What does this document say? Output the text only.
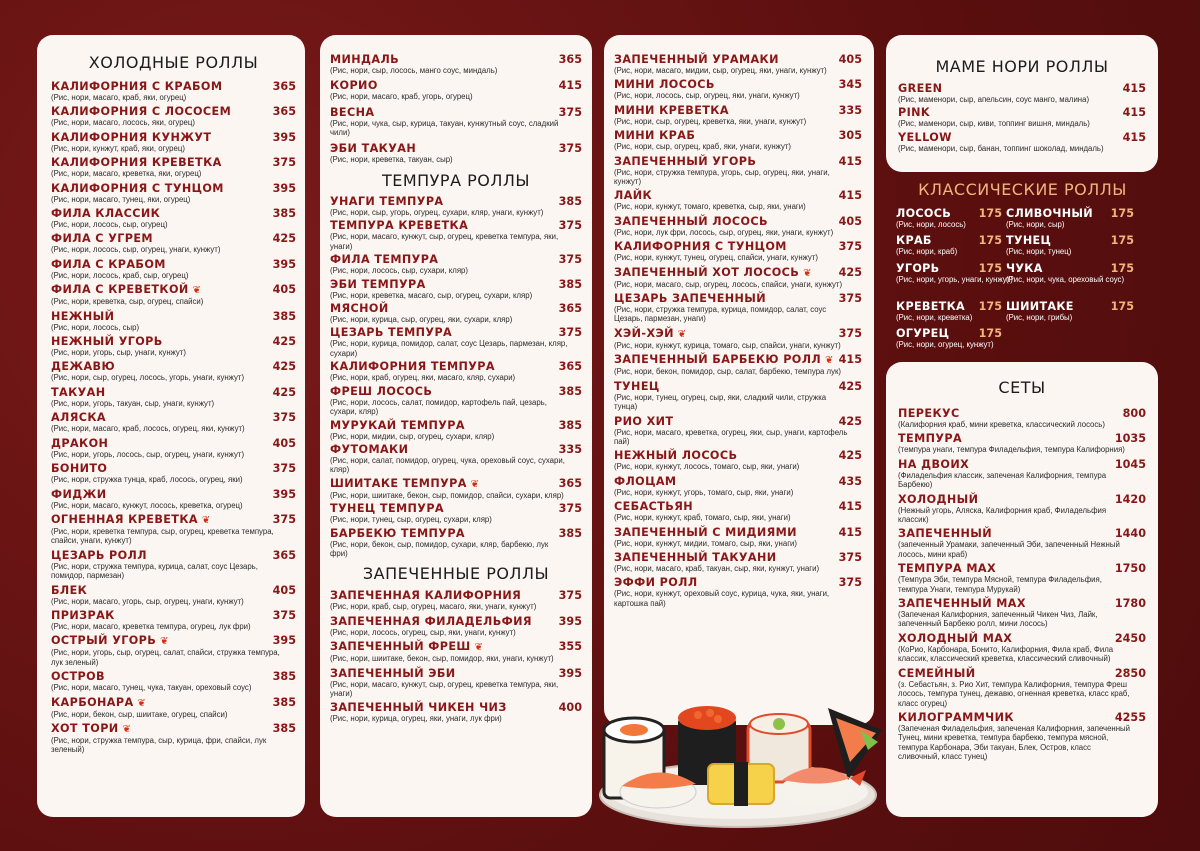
ХОЛОДНЫЕ РОЛЛЫ
КАЛИФОРНИЯ С КРАБОМ	365
(Рис, нори, масаго, краб, яки, огурец)
КАЛИФОРНИЯ С ЛОСОСЕМ	365
(Рис, нори, масаго, лосось, яки, огурец)
КАЛИФОРНИЯ КУНЖУТ	395
(Рис, нори, кунжут, краб, яки, огурец)
КАЛИФОРНИЯ КРЕВЕТКА	375
(Рис, нори, масаго, креветка, яки, огурец)
КАЛИФОРНИЯ С ТУНЦОМ	395
(Рис, нори, масаго, тунец, яки, огурец)
ФИЛА КЛАССИК	385
(Рис, нори, лосось, сыр, огурец)
ФИЛА С УГРЕМ	425
(Рис, нори, лосось, сыр, огурец, унаги, кунжут)
ФИЛА С КРАБОМ	395
(Рис, нори, лосось, краб, сыр, огурец)
ФИЛА С КРЕВЕТКОЙ ❦	405
(Рис, нори, креветка, сыр, огурец, спайси)
НЕЖНЫЙ	385
(Рис, нори, лосось, сыр)
НЕЖНЫЙ УГОРЬ	425
(Рис, нори, угорь, сыр, унаги, кунжут)
ДЕЖАВЮ	425
(Рис, нори, сыр, огурец, лосось, угорь, унаги, кунжут)
ТАКУАН	425
(Рис, нори, угорь, такуан, сыр, унаги, кунжут)
АЛЯСКА	375
(Рис, нори, масаго, краб, лосось, огурец, яки, кунжут)
ДРАКОН	405
(Рис, нори, угорь, лосось, сыр, огурец, унаги, кунжут)
БОНИТО	375
(Рис, нори, стружка тунца, краб, лосось, огурец, яки)
ФИДЖИ	395
(Рис, нори, масаго, кунжут, лосось, креветка, огурец)
ОГНЕННАЯ КРЕВЕТКА ❦	375
(Рис, нори, креветка темпура, сыр, огурец, креветка темпура, спайси, унаги, кунжут)
ЦЕЗАРЬ РОЛЛ	365
(Рис, нори, стружка темпура, курица, салат, соус Цезарь, помидор, пармезан)
БЛЕК	405
(Рис, нори, масаго, угорь, сыр, огурец, унаги, кунжут)
ПРИЗРАК	375
(Рис, нори, масаго, креветка темпура, огурец, лук фри)
ОСТРЫЙ УГОРЬ ❦	395
(Рис, нори, угорь, сыр, огурец, салат, спайси, стружка темпура, лук зеленый)
ОСТРОВ	385
(Рис, нори, масаго, тунец, чука, такуан, ореховый соус)
КАРБОНАРА ❦	385
(Рис, нори, бекон, сыр, шиитаке, огурец, спайси)
ХОТ ТОРИ ❦	385
(Рис, нори, стружка темпура, сыр, курица, фри, спайси, лук зеленый)
МИНДАЛЬ	365
(Рис, нори, сыр, лосось, манго соус, миндаль)
КОРИО	415
(Рис, нори, масаго, краб, угорь, огурец)
ВЕСНА	375
(Рис, нори, чука, сыр, курица, такуан, кунжутный соус, сладкий чили)
ЭБИ ТАКУАН	375
(Рис, нори, креветка, такуан, сыр)
ТЕМПУРА РОЛЛЫ
УНАГИ ТЕМПУРА	385
(Рис, нори, сыр, угорь, огурец, сухари, кляр, унаги, кунжут)
ТЕМПУРА КРЕВЕТКА	375
(Рис, нори, масаго, кунжут, сыр, огурец, креветка темпура, яки, унаги)
ФИЛА ТЕМПУРА	375
(Рис, нори, лосось, сыр, сухари, кляр)
ЭБИ ТЕМПУРА	385
(Рис, нори, креветка, масаго, сыр, огурец, сухари, кляр)
МЯСНОЙ	365
(Рис, нори, курица, сыр, огурец, яки, сухари, кляр)
ЦЕЗАРЬ ТЕМПУРА	375
(Рис, нори, курица, помидор, салат, соус Цезарь, пармезан, кляр, сухари)
КАЛИФОРНИЯ ТЕМПУРА	365
(Рис, нори, краб, огурец, яки, масаго, кляр, сухари)
ФРЕШ ЛОСОСЬ	385
(Рис, нори, лосось, салат, помидор, картофель пай, цезарь, сухари, кляр)
МУРУКАЙ ТЕМПУРА	385
(Рис, нори, мидии, сыр, огурец, сухари, кляр)
ФУТОМАКИ	335
(Рис, нори, салат, помидор, огурец, чука, ореховый соус, сухари, кляр)
ШИИТАКЕ ТЕМПУРА ❦	365
(Рис, нори, шиитаке, бекон, сыр, помидор, спайси, сухари, кляр)
ТУНЕЦ ТЕМПУРА	375
(Рис, нори, тунец, сыр, огурец, сухари, кляр)
БАРБЕКЮ ТЕМПУРА	385
(Рис, нори, бекон, сыр, помидор, сухари, кляр, барбекю, лук фри)
ЗАПЕЧЕННЫЕ РОЛЛЫ
ЗАПЕЧЕННАЯ КАЛИФОРНИЯ	375
(Рис, нори, краб, сыр, огурец, масаго, яки, унаги, кунжут)
ЗАПЕЧЕННАЯ ФИЛАДЕЛЬФИЯ	395
(Рис, нори, лосось, огурец, сыр, яки, унаги, кунжут)
ЗАПЕЧЕННЫЙ ФРЕШ ❦	355
(Рис, нори, шиитаке, бекон, сыр, помидор, яки, унаги, кунжут)
ЗАПЕЧЕННЫЙ ЭБИ	395
(Рис, нори, масаго, кунжут, сыр, огурец, креветка темпура, яки, унаги)
ЗАПЕЧЕННЫЙ ЧИКЕН ЧИЗ	400
(Рис, нори, курица, огурец, яки, унаги, лук фри)
ЗАПЕЧЕННЫЙ УРАМАКИ	405
(Рис, нори, масаго, мидии, сыр, огурец, яки, унаги, кунжут)
МИНИ ЛОСОСЬ	345
(Рис, нори, лосось, сыр, огурец, яки, унаги, кунжут)
МИНИ КРЕВЕТКА	335
(Рис, нори, сыр, огурец, креветка, яки, унаги, кунжут)
МИНИ КРАБ	305
(Рис, нори, сыр, огурец, краб, яки, унаги, кунжут)
ЗАПЕЧЕННЫЙ УГОРЬ	415
(Рис, нори, стружка темпура, угорь, сыр, огурец, яки, унаги, кунжут)
ЛАЙК	415
(Рис, нори, кунжут, томаго, креветка, сыр, яки, унаги)
ЗАПЕЧЕННЫЙ ЛОСОСЬ	405
(Рис, нори, лук фри, лосось, сыр, огурец, яки, унаги, кунжут)
КАЛИФОРНИЯ С ТУНЦОМ	375
(Рис, нори, кунжут, тунец, огурец, спайси, унаги, кунжут)
ЗАПЕЧЕННЫЙ ХОТ ЛОСОСЬ ❦	425
(Рис, нори, масаго, сыр, огурец, лосось, спайси, унаги, кунжут)
ЦЕЗАРЬ ЗАПЕЧЕННЫЙ	375
(Рис, нори, стружка темпура, курица, помидор, салат, соус Цезарь, пармезан, унаги)
ХЭЙ-ХЭЙ ❦	375
(Рис, нори, кунжут, курица, томаго, сыр, спайси, унаги, кунжут)
ЗАПЕЧЕННЫЙ БАРБЕКЮ РОЛЛ ❦ 415
(Рис, нори, бекон, помидор, сыр, салат, барбекю, темпура лук)
ТУНЕЦ	425
(Рис, нори, тунец, огурец, сыр, яки, сладкий чили, стружка тунца)
РИО ХИТ	425
(Рис, нори, масаго, креветка, огурец, яки, сыр, унаги, картофель пай)
НЕЖНЫЙ ЛОСОСЬ	425
(Рис, нори, кунжут, лосось, томаго, сыр, яки, унаги)
ФЛОЦАМ	435
(Рис, нори, кунжут, угорь, томаго, сыр, яки, унаги)
СЕБАСТЬЯН	415
(Рис, нори, кунжут, краб, томаго, сыр, яки, унаги)
ЗАПЕЧЕННЫЙ С МИДИЯМИ	415
(Рис, нори, кунжут, мидии, томаго, сыр, яки, унаги)
ЗАПЕЧЕННЫЙ ТАКУАНИ	375
(Рис, нори, масаго, краб, такуан, сыр, яки, кунжут, унаги)
ЭФФИ РОЛЛ	375
(Рис, нори, кунжут, ореховый соус, курица, чука, яки, унаги, картошка пай)
МАМЕ НОРИ РОЛЛЫ
GREEN	415
(Рис, маменори, сыр, апельсин, соус манго, малина)
PINK	415
(Рис, маменори, сыр, киви, топпинг вишня, миндаль)
YELLOW	415
(Рис, маменори, сыр, банан, топпинг шоколад, миндаль)
КЛАССИЧЕСКИЕ РОЛЛЫ
ЛОСОСЬ	175
(Рис, нори, лосось)
СЛИВОЧНЫЙ	175
(Рис, нори, сыр)
КРАБ	175
(Рис, нори, краб)
ТУНЕЦ	175
(Рис, нори, тунец)
УГОРЬ	175
(Рис, нори, угорь, унаги, кунжут)
ЧУКА	175
(Рис, нори, чука, ореховый соус)
КРЕВЕТКА	175
(Рис, нори, креветка)
ШИИТАКЕ	175
(Рис, нори, грибы)
ОГУРЕЦ	175
(Рис, нори, огурец, кунжут)
СЕТЫ
ПЕРЕКУС	800
(Калифорния краб, мини креветка, классический лосось)
ТЕМПУРА	1035
(темпура унаги, темпура Филадельфия, темпура Калифорния)
НА ДВОИХ	1045
(Филадельфия классик, запеченая Калифорния, темпура Барбекю)
ХОЛОДНЫЙ	1420
(Нежный угорь, Аляска, Калифорния краб, Филадельфия классик)
ЗАПЕЧЕННЫЙ	1440
(запеченный Урамаки, запеченный Эби, запеченный Нежный лосось, мини краб)
ТЕМПУРА MAX	1750
(Темпура Эби, темпура Мясной, темпура Филадельфия, темпура Унаги, темпура Мурукай)
ЗАПЕЧЕННЫЙ MAX	1780
(Запеченая Калифорния, запеченный Чикен Чиз, Лайк, запеченный Барбекю ролл, мини лосось)
ХОЛОДНЫЙ MAX	2450
(КоРио, Карбонара, Бонито, Калифорния, Фила краб, Фила классик, классический креветка, классический сливочный)
СЕМЕЙНЫЙ	2850
(з. Себастьян, з. Рио Хит, темпура Калифорния, темпура Фреш лосось, темпура тунец, дежавю, огненная креветка, класс краб, класс огурец)
КИЛОГРАММЧИК	4255
(Запеченая Филадельфия, запеченая Калифорния, запеченный Тунец, мини креветка, темпура барбекю, темпура мясной, темпура Карбонара, Эби такуан, Блек, Остров, класс сливочный, класс тунец)
